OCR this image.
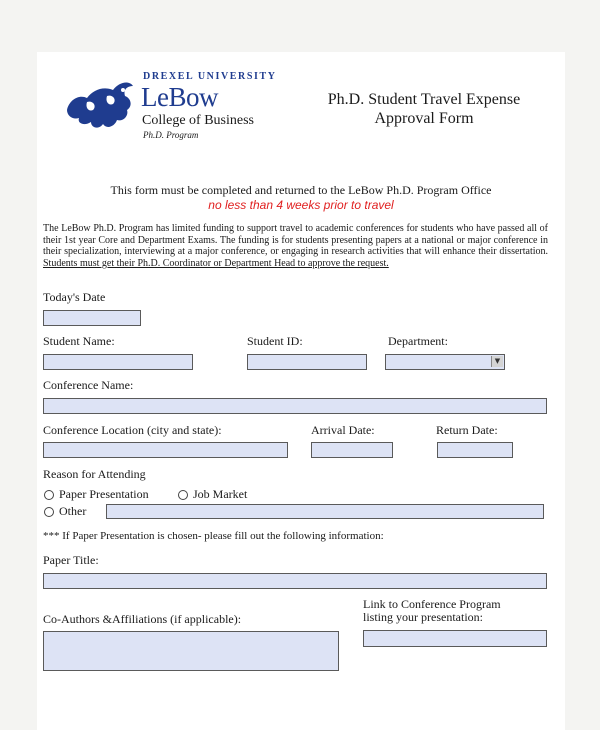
DREXEL UNIVERSITY
LeBow
College of Business
Ph.D. Program
Ph.D. Student Travel Expense
Approval Form
This form must be completed and returned to the LeBow Ph.D. Program Office
no less than 4 weeks prior to travel
The LeBow Ph.D. Program has limited funding to support travel to academic conferences for students who have passed all of their 1st year Core and Department Exams. The funding is for students presenting papers at a national or major conference in their specialization, interviewing at a major conference, or engaging in research activities that will enhance their dissertation. Students must get their Ph.D. Coordinator or Department Head to approve the request.
Today's Date
Student Name:	Student ID:	Department:
▼
Conference Name:
Conference Location (city and state):	Arrival Date:	Return Date:
Reason for Attending
Paper Presentation	Job Market
Other
*** If Paper Presentation is chosen- please fill out the following information:
Paper Title:
Link to Conference Program
listing your presentation:
Co-Authors &Affiliations (if applicable):
